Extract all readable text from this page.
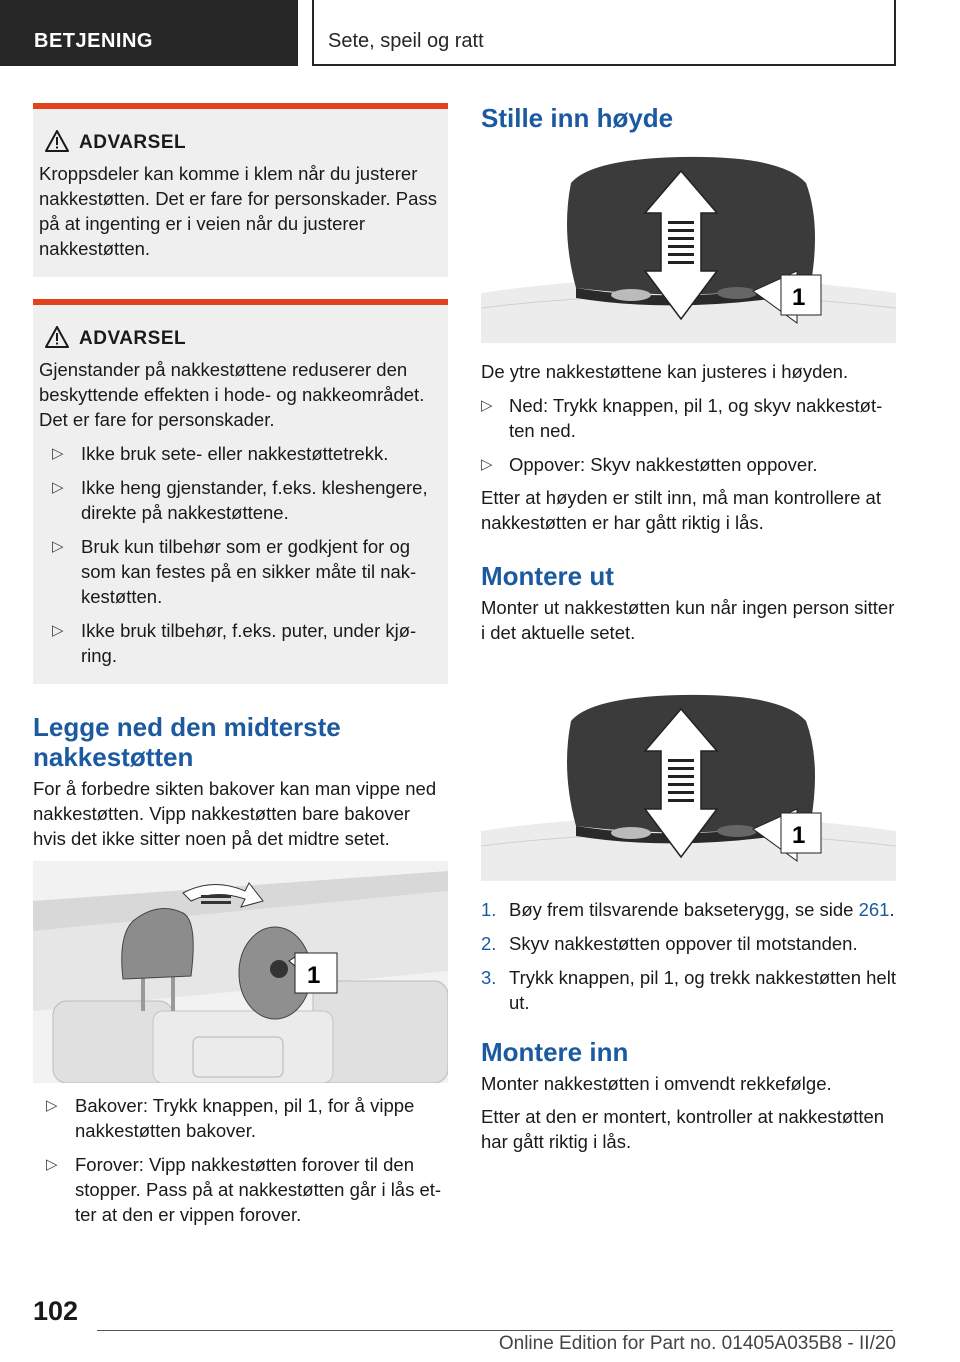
BETJENING	Sete, speil og ratt
ADVARSEL

Kroppsdeler kan komme i klem når du justerer nakkestøtten. Det er fare for personskader. Pass på at ingenting er i veien når du justerer nakkestøtten.

ADVARSEL

Gjenstander på nakkestøttene reduserer den beskyttende effekten i hode- og nakkeområdet. Det er fare for personskader.

▷ Ikke bruk sete- eller nakkestøttetrekk.
▷ Ikke heng gjenstander, f.eks. kleshengere, direkte på nakkestøttene.
▷ Bruk kun tilbehør som er godkjent for og som kan festes på en sikker måte til nakkestøtten.
▷ Ikke bruk tilbehør, f.eks. puter, under kjøring.
Legge ned den midterste nakkestøtten

For å forbedre sikten bakover kan man vippe ned nakkestøtten. Vipp nakkestøtten bare bakover hvis det ikke sitter noen på det midtre setet.

1
▷ Bakover: Trykk knappen, pil 1, for å vippe nakkestøtten bakover.
▷ Forover: Vipp nakkestøtten forover til den stopper. Pass på at nakkestøtten går i lås etter at den er vippen forover.
Stille inn høyde
1

De ytre nakkestøttene kan justeres i høyden.

▷ Ned: Trykk knappen, pil 1, og skyv nakkestøtten ned.
▷ Oppover: Skyv nakkestøtten oppover.

Etter at høyden er stilt inn, må man kontrollere at nakkestøtten er har gått riktig i lås.

Montere ut

Monter ut nakkestøtten kun når ingen person sitter i det aktuelle setet.

1
1. Bøy frem tilsvarende bakseterygg, se side 261.
2. Skyv nakkestøtten oppover til motstanden.
3. Trykk knappen, pil 1, og trekk nakkestøtten helt ut.
Montere inn

Monter nakkestøtten i omvendt rekkefølge.

Etter at den er montert, kontroller at nakkestøtten har gått riktig i lås.

102
Online Edition for Part no. 01405A035B8 - II/20
